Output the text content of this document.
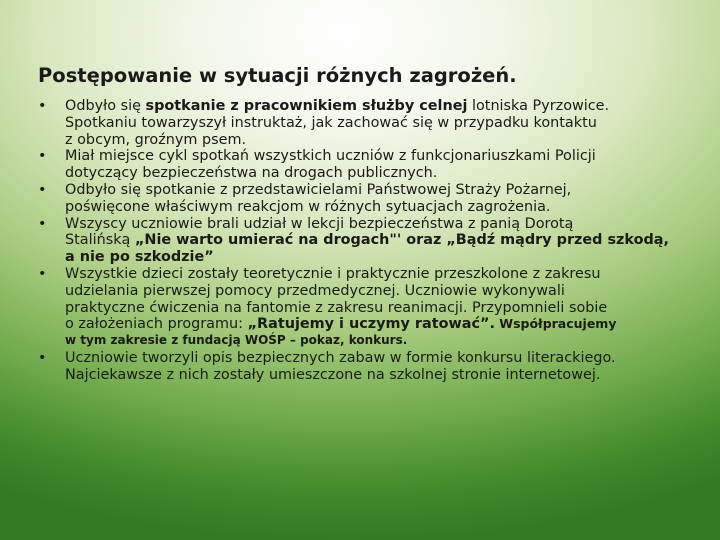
Postępowanie w sytuacji różnych zagrożeń.
• Odbyło się spotkanie z pracownikiem służby celnej lotniska Pyrzowice.
Spotkaniu towarzyszył instruktaż, jak zachować się w przypadku kontaktu
z obcym, groźnym psem.
• Miał miejsce cykl spotkań wszystkich uczniów z funkcjonariuszkami Policji
dotyczący bezpieczeństwa na drogach publicznych.
• Odbyło się spotkanie z przedstawicielami Państwowej Straży Pożarnej,
poświęcone właściwym reakcjom w różnych sytuacjach zagrożenia.
• Wszyscy uczniowie brali udział w lekcji bezpieczeństwa z panią Dorotą
Stalińską „Nie warto umierać na drogach"' oraz „Bądź mądry przed szkodą,
a nie po szkodzie”
• Wszystkie dzieci zostały teoretycznie i praktycznie przeszkolone z zakresu
udzielania pierwszej pomocy przedmedycznej. Uczniowie wykonywali
praktyczne ćwiczenia na fantomie z zakresu reanimacji. Przypomnieli sobie
o założeniach programu: „Ratujemy i uczymy ratować”. Współpracujemy
w tym zakresie z fundacją WOŚP – pokaz, konkurs.
• Uczniowie tworzyli opis bezpiecznych zabaw w formie konkursu literackiego.
Najciekawsze z nich zostały umieszczone na szkolnej stronie internetowej.
